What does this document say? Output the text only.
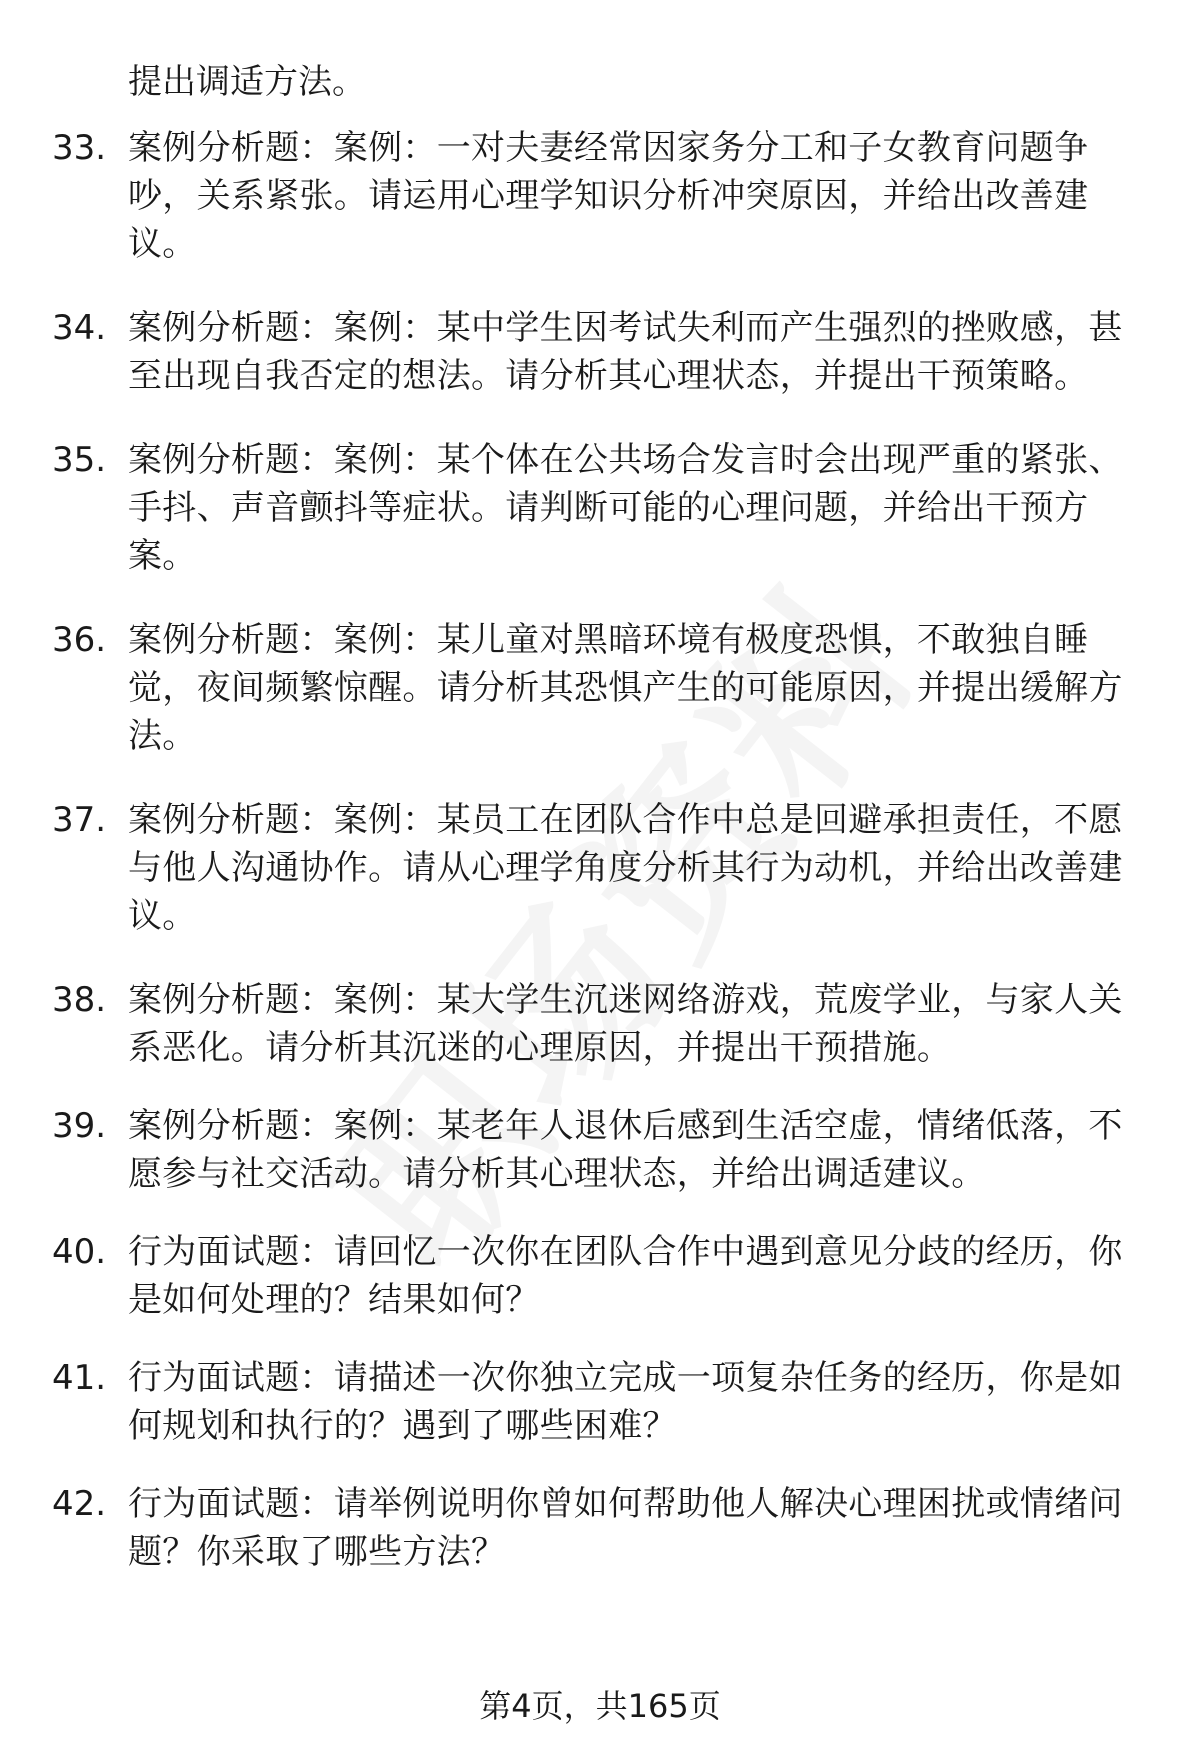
提出调适方法。
33. 案例分析题：案例：一对夫妻经常因家务分工和子女教育问题争吵，关系紧张。请运用心理学知识分析冲突原因，并给出改善建议。
34. 案例分析题：案例：某中学生因考试失利而产生强烈的挫败感，甚至出现自我否定的想法。请分析其心理状态，并提出干预策略。
35. 案例分析题：案例：某个体在公共场合发言时会出现严重的紧张、手抖、声音颤抖等症状。请判断可能的心理问题，并给出干预方案。
36. 案例分析题：案例：某儿童对黑暗环境有极度恐惧，不敢独自睡觉，夜间频繁惊醒。请分析其恐惧产生的可能原因，并提出缓解方法。
37. 案例分析题：案例：某员工在团队合作中总是回避承担责任，不愿与他人沟通协作。请从心理学角度分析其行为动机，并给出改善建议。
38. 案例分析题：案例：某大学生沉迷网络游戏，荒废学业，与家人关系恶化。请分析其沉迷的心理原因，并提出干预措施。
39. 案例分析题：案例：某老年人退休后感到生活空虚，情绪低落，不愿参与社交活动。请分析其心理状态，并给出调适建议。
40. 行为面试题：请回忆一次你在团队合作中遇到意见分歧的经历，你是如何处理的？结果如何？
41. 行为面试题：请描述一次你独立完成一项复杂任务的经历，你是如何规划和执行的？遇到了哪些困难？
42. 行为面试题：请举例说明你曾如何帮助他人解决心理困扰或情绪问题？你采取了哪些方法？
第4页，共165页
